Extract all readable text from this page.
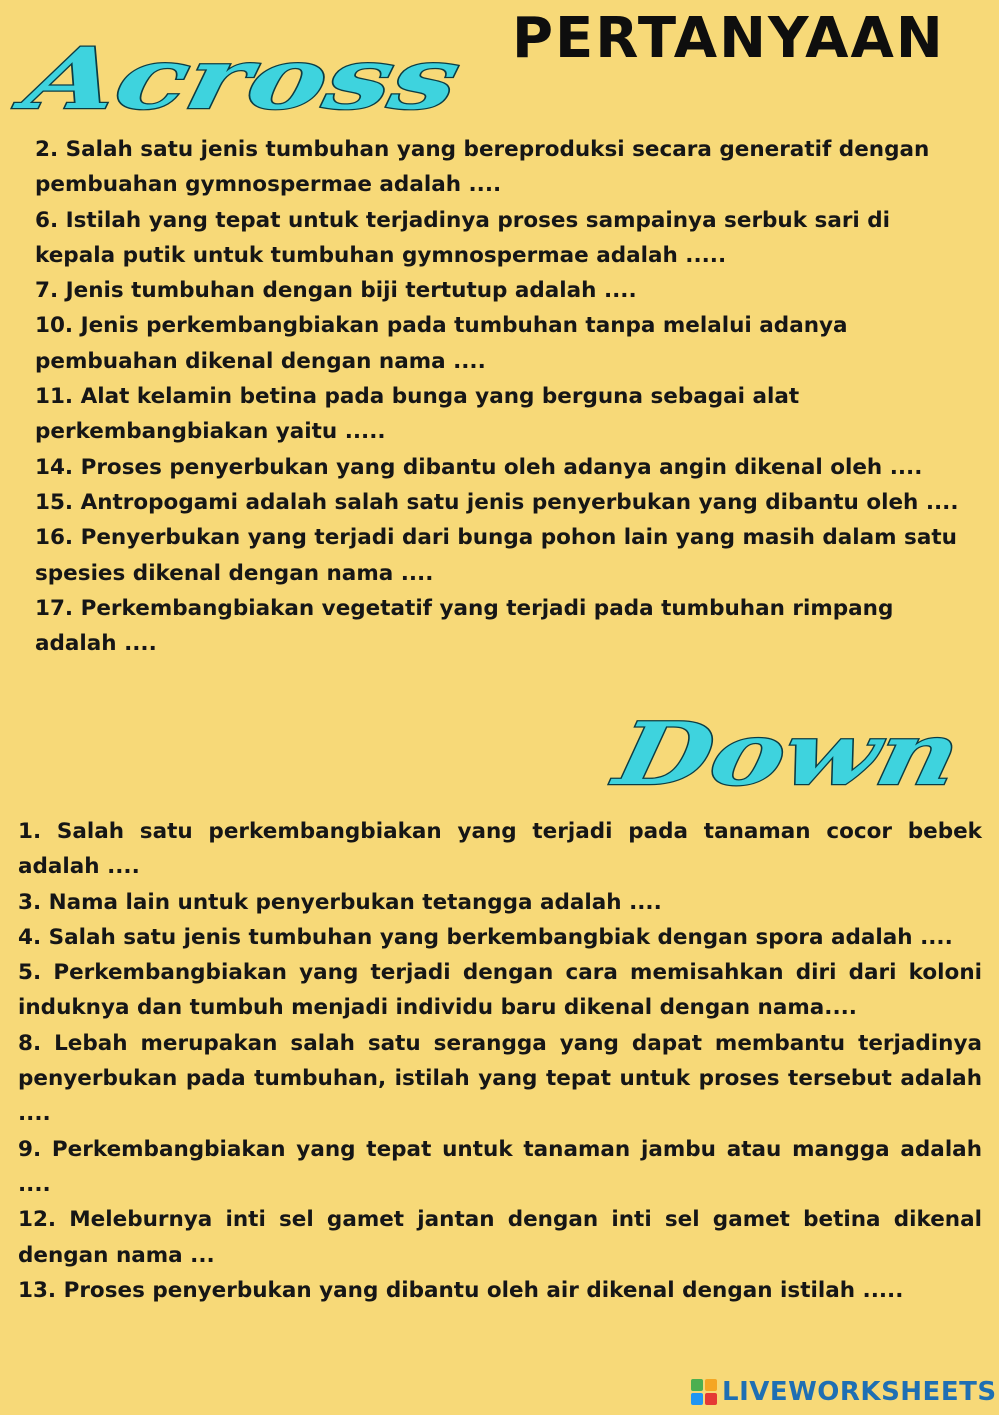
PERTANYAAN
Across
2. Salah satu jenis tumbuhan yang bereproduksi secara generatif dengan pembuahan gymnospermae adalah ....
6. Istilah yang tepat untuk terjadinya proses sampainya serbuk sari di kepala putik untuk tumbuhan gymnospermae adalah .....
7. Jenis tumbuhan dengan biji tertutup adalah ....
10. Jenis perkembangbiakan pada tumbuhan tanpa melalui adanya pembuahan dikenal dengan nama ....
11. Alat kelamin betina pada bunga yang berguna sebagai alat perkembangbiakan yaitu .....
14. Proses penyerbukan yang dibantu oleh adanya angin dikenal oleh ....
15. Antropogami adalah salah satu jenis penyerbukan yang dibantu oleh ....
16. Penyerbukan yang terjadi dari bunga pohon lain yang masih dalam satu spesies dikenal dengan nama ....
17. Perkembangbiakan vegetatif yang terjadi pada tumbuhan rimpang adalah ....
Down
1. Salah satu perkembangbiakan yang terjadi pada tanaman cocor bebek adalah ....
3. Nama lain untuk penyerbukan tetangga adalah ....
4. Salah satu jenis tumbuhan yang berkembangbiak dengan spora adalah ....
5. Perkembangbiakan yang terjadi dengan cara memisahkan diri dari koloni induknya dan tumbuh menjadi individu baru dikenal dengan nama....
8. Lebah merupakan salah satu serangga yang dapat membantu terjadinya penyerbukan pada tumbuhan, istilah yang tepat untuk proses tersebut adalah ....
9. Perkembangbiakan yang tepat untuk tanaman jambu atau mangga adalah ....
12. Meleburnya inti sel gamet jantan dengan inti sel gamet betina dikenal dengan nama ...
13. Proses penyerbukan yang dibantu oleh air dikenal dengan istilah .....
LIVEWORKSHEETS
